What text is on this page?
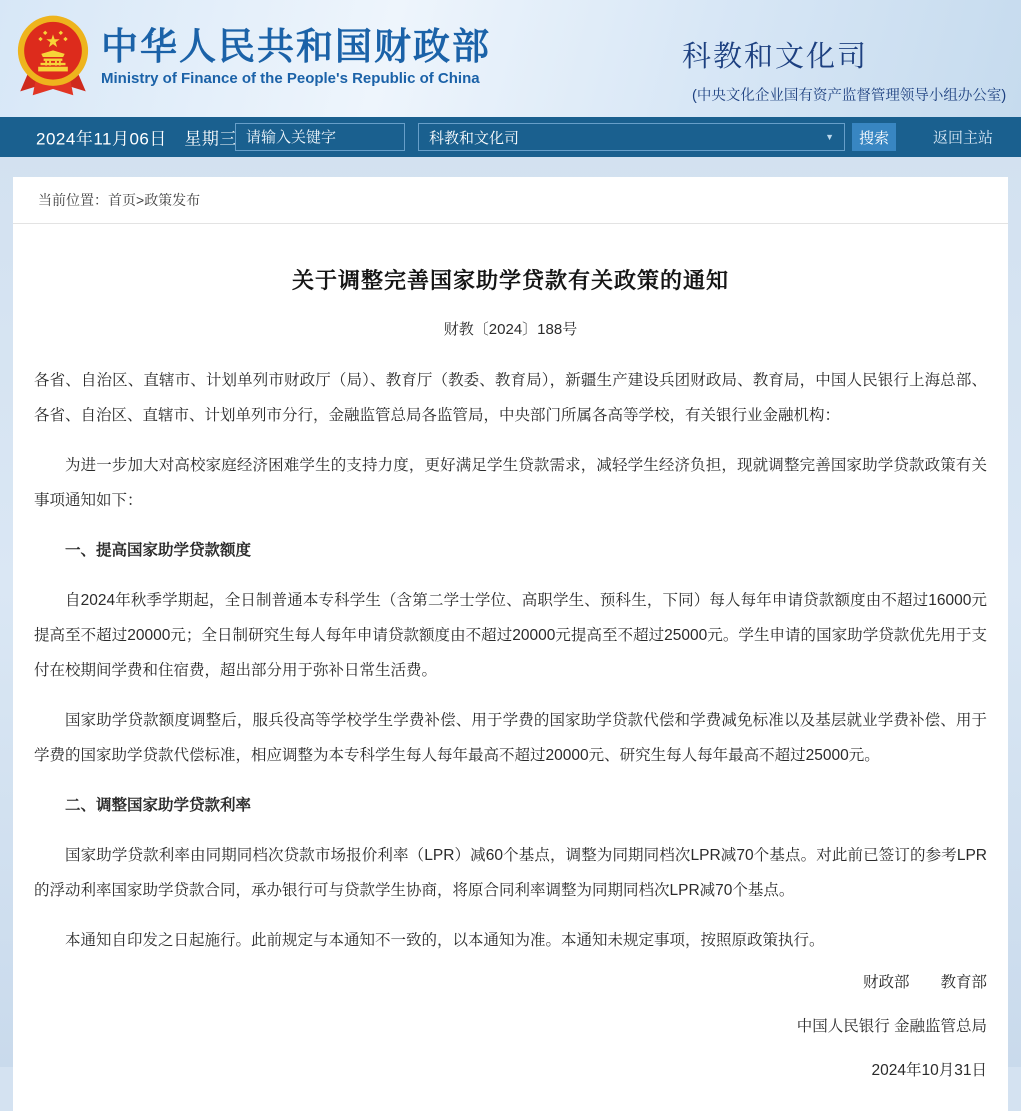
中华人民共和国财政部
Ministry of Finance of the People's Republic of China
科教和文化司
(中央文化企业国有资产监督管理领导小组办公室)
2024年11月06日　星期三
请输入关键字	科教和文化司	▼	搜索	返回主站
当前位置：首页>政策发布
关于调整完善国家助学贷款有关政策的通知
财教〔2024〕188号

各省、自治区、直辖市、计划单列市财政厅（局）、教育厅（教委、教育局），新疆生产建设兵团财政局、教育局，中国人民银行上海总部、各省、自治区、直辖市、计划单列市分行，金融监管总局各监管局，中央部门所属各高等学校，有关银行业金融机构：

为进一步加大对高校家庭经济困难学生的支持力度，更好满足学生贷款需求，减轻学生经济负担，现就调整完善国家助学贷款政策有关事项通知如下：

一、提高国家助学贷款额度

自2024年秋季学期起，全日制普通本专科学生（含第二学士学位、高职学生、预科生，下同）每人每年申请贷款额度由不超过16000元提高至不超过20000元；全日制研究生每人每年申请贷款额度由不超过20000元提高至不超过25000元。学生申请的国家助学贷款优先用于支付在校期间学费和住宿费，超出部分用于弥补日常生活费。

国家助学贷款额度调整后，服兵役高等学校学生学费补偿、用于学费的国家助学贷款代偿和学费减免标准以及基层就业学费补偿、用于学费的国家助学贷款代偿标准，相应调整为本专科学生每人每年最高不超过20000元、研究生每人每年最高不超过25000元。

二、调整国家助学贷款利率

国家助学贷款利率由同期同档次贷款市场报价利率（LPR）减60个基点，调整为同期同档次LPR减70个基点。对此前已签订的参考LPR的浮动利率国家助学贷款合同，承办银行可与贷款学生协商，将原合同利率调整为同期同档次LPR减70个基点。

本通知自印发之日起施行。此前规定与本通知不一致的，以本通知为准。本通知未规定事项，按照原政策执行。

财政部　　教育部
中国人民银行 金融监管总局
2024年10月31日
